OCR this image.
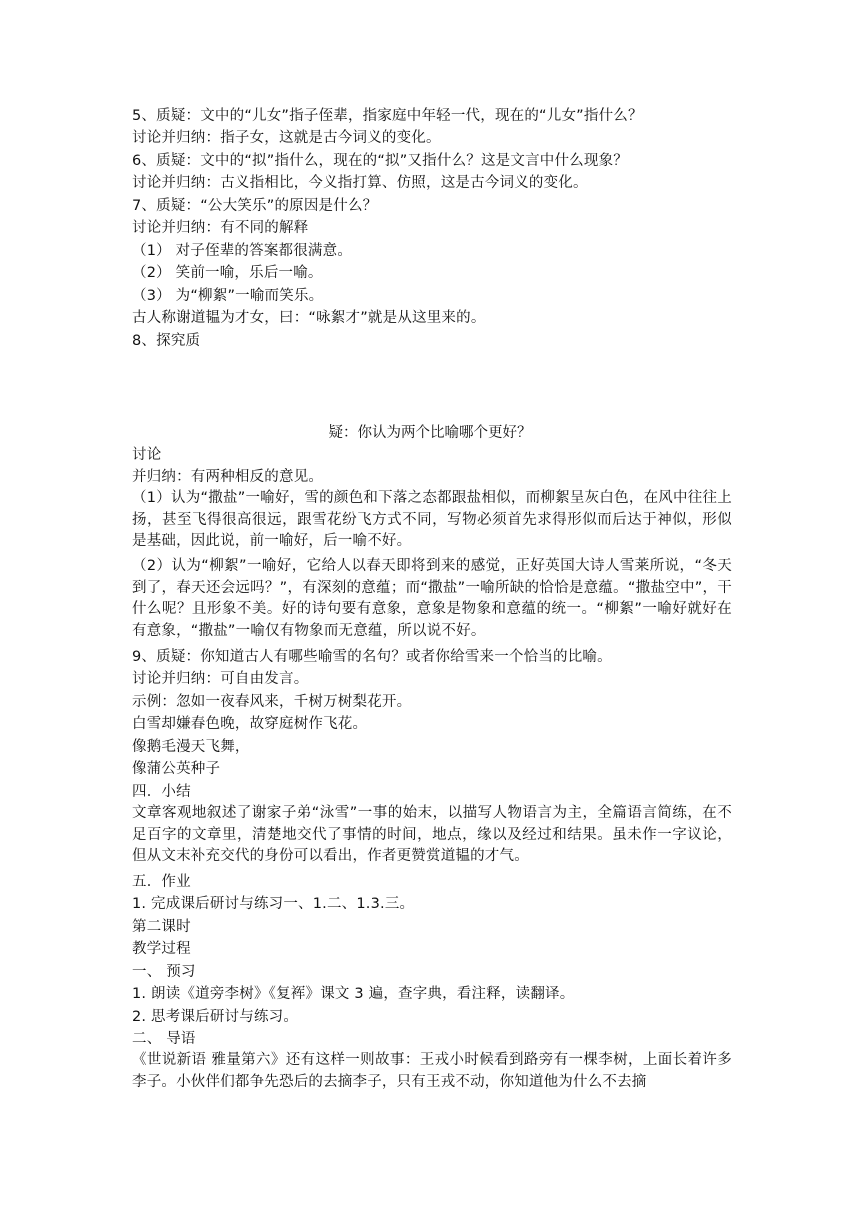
5、质疑：文中的“儿女”指子侄辈，指家庭中年轻一代，现在的“儿女”指什么？
讨论并归纳：指子女，这就是古今词义的变化。
6、质疑：文中的“拟”指什么，现在的“拟”又指什么？这是文言中什么现象？
讨论并归纳：古义指相比，今义指打算、仿照，这是古今词义的变化。
7、质疑：“公大笑乐”的原因是什么？
讨论并归纳：有不同的解释
（1） 对子侄辈的答案都很满意。
（2） 笑前一喻，乐后一喻。
（3） 为“柳絮”一喻而笑乐。
古人称谢道韫为才女，曰：“咏絮才”就是从这里来的。
8、探究质
疑：你认为两个比喻哪个更好？
讨论
并归纳：有两种相反的意见。
（1）认为“撒盐”一喻好，雪的颜色和下落之态都跟盐相似，而柳絮呈灰白色，在风中往往上扬，甚至飞得很高很远，跟雪花纷飞方式不同，写物必须首先求得形似而后达于神似，形似是基础，因此说，前一喻好，后一喻不好。
（2）认为“柳絮”一喻好，它给人以春天即将到来的感觉，正好英国大诗人雪莱所说，“冬天到了，春天还会远吗？”，有深刻的意蕴；而“撒盐”一喻所缺的恰恰是意蕴。“撒盐空中”，干什么呢？且形象不美。好的诗句要有意象，意象是物象和意蕴的统一。“柳絮”一喻好就好在有意象，“撒盐”一喻仅有物象而无意蕴，所以说不好。
9、质疑：你知道古人有哪些喻雪的名句？或者你给雪来一个恰当的比喻。
讨论并归纳：可自由发言。
示例：忽如一夜春风来，千树万树梨花开。
白雪却嫌春色晚，故穿庭树作飞花。
像鹅毛漫天飞舞，
像蒲公英种子
四．小结
文章客观地叙述了谢家子弟“泳雪”一事的始末，以描写人物语言为主，全篇语言简练，在不足百字的文章里，清楚地交代了事情的时间，地点，缘以及经过和结果。虽未作一字议论，但从文末补充交代的身份可以看出，作者更赞赏道韫的才气。
五．作业
1. 完成课后研讨与练习一、1.二、1.3.三。
第二课时
教学过程
一、 预习
1. 朗读《道旁李树》《复裈》课文 3 遍，查字典，看注释，读翻译。
2. 思考课后研讨与练习。
二、 导语
《世说新语 雅量第六》还有这样一则故事：王戎小时候看到路旁有一棵李树，上面长着许多李子。小伙伴们都争先恐后的去摘李子，只有王戎不动，你知道他为什么不去摘
